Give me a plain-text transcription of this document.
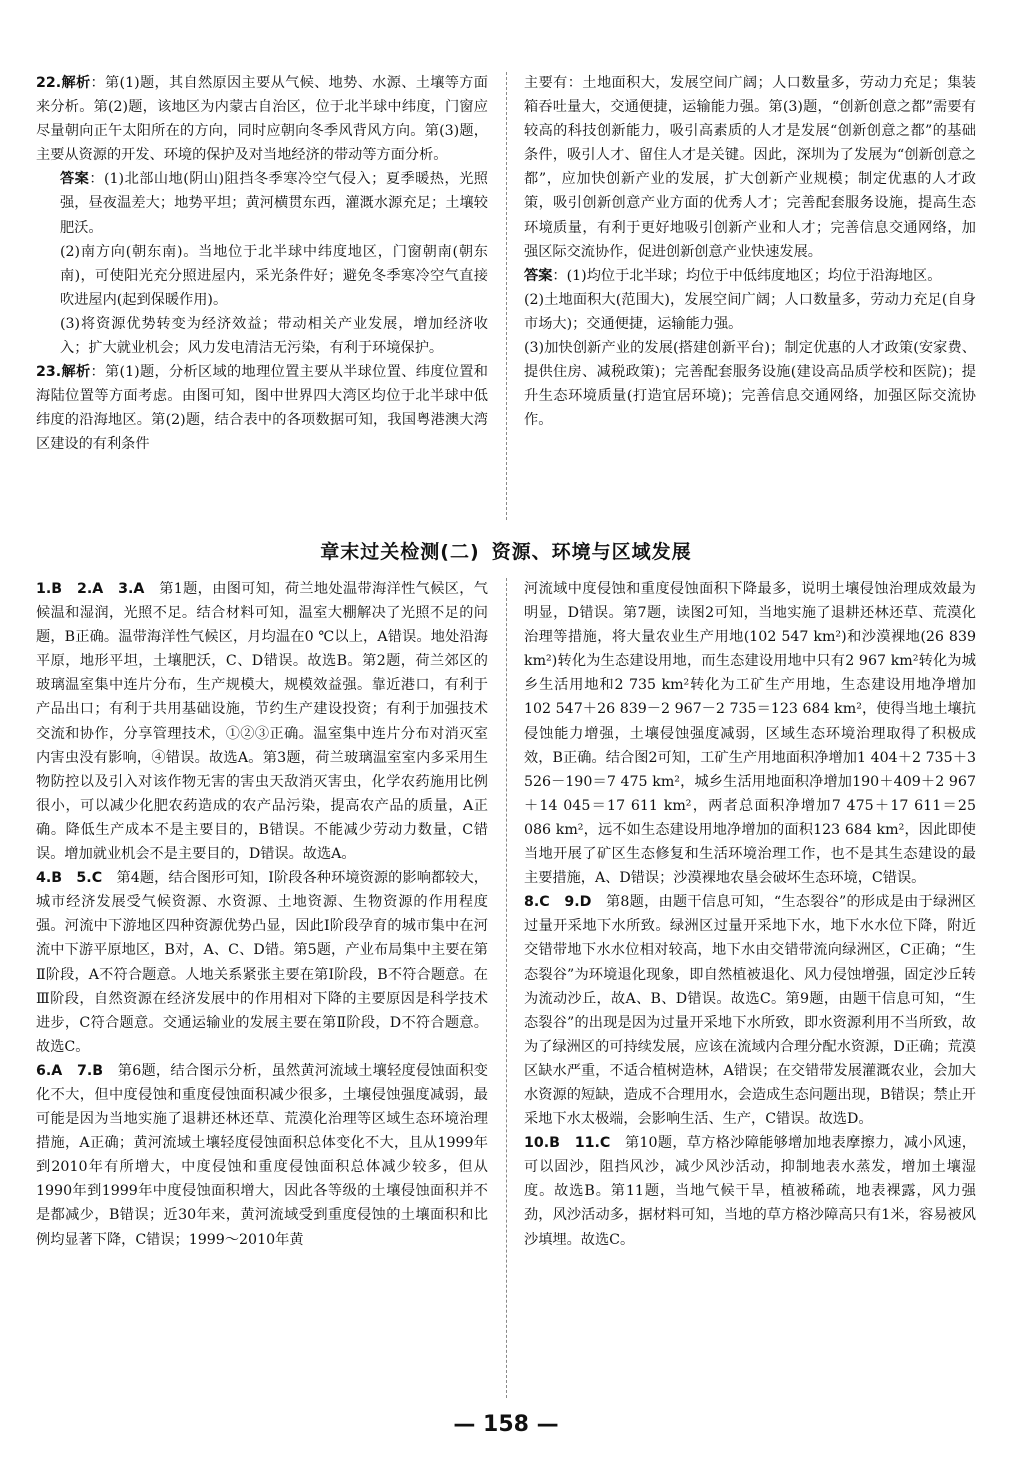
22.解析：第(1)题，其自然原因主要从气候、地势、水源、土壤等方面来分析。第(2)题，该地区为内蒙古自治区，位于北半球中纬度，门窗应尽量朝向正午太阳所在的方向，同时应朝向冬季风背风方向。第(3)题，主要从资源的开发、环境的保护及对当地经济的带动等方面分析。

答案：(1)北部山地(阴山)阻挡冬季寒冷空气侵入；夏季暖热，光照强，昼夜温差大；地势平坦；黄河横贯东西，灌溉水源充足；土壤较肥沃。

(2)南方向(朝东南)。当地位于北半球中纬度地区，门窗朝南(朝东南)，可使阳光充分照进屋内，采光条件好；避免冬季寒冷空气直接吹进屋内(起到保暖作用)。

(3)将资源优势转变为经济效益；带动相关产业发展，增加经济收入；扩大就业机会；风力发电清洁无污染，有利于环境保护。

23.解析：第(1)题，分析区域的地理位置主要从半球位置、纬度位置和海陆位置等方面考虑。由图可知，图中世界四大湾区均位于北半球中低纬度的沿海地区。第(2)题，结合表中的各项数据可知，我国粤港澳大湾区建设的有利条件

主要有：土地面积大，发展空间广阔；人口数量多，劳动力充足；集装箱吞吐量大，交通便捷，运输能力强。第(3)题，“创新创意之都”需要有较高的科技创新能力，吸引高素质的人才是发展“创新创意之都”的基础条件，吸引人才、留住人才是关键。因此，深圳为了发展为“创新创意之都”，应加快创新产业的发展，扩大创新产业规模；制定优惠的人才政策，吸引创新创意产业方面的优秀人才；完善配套服务设施，提高生态环境质量，有利于更好地吸引创新产业和人才；完善信息交通网络，加强区际交流协作，促进创新创意产业快速发展。

答案：(1)均位于北半球；均位于中低纬度地区；均位于沿海地区。

(2)土地面积大(范围大)，发展空间广阔；人口数量多，劳动力充足(自身市场大)；交通便捷，运输能力强。

(3)加快创新产业的发展(搭建创新平台)；制定优惠的人才政策(安家费、提供住房、减税政策)；完善配套服务设施(建设高品质学校和医院)；提升生态环境质量(打造宜居环境)；完善信息交通网络，加强区际交流协作。

章末过关检测(二) 资源、环境与区域发展

1.B　2.A　3.A　 第1题，由图可知，荷兰地处温带海洋性气候区，气候温和湿润，光照不足。结合材料可知，温室大棚解决了光照不足的问题，B正确。温带海洋性气候区，月均温在0 ℃以上，A错误。地处沿海平原，地形平坦，土壤肥沃，C、D错误。故选B。第2题，荷兰郊区的玻璃温室集中连片分布，生产规模大，规模效益强。靠近港口，有利于产品出口；有利于共用基础设施，节约生产建设投资；有利于加强技术交流和协作，分享管理技术，①②③正确。温室集中连片分布对消灭室内害虫没有影响，④错误。故选A。第3题，荷兰玻璃温室室内多采用生物防控以及引入对该作物无害的害虫天敌消灭害虫，化学农药施用比例很小，可以减少化肥农药造成的农产品污染，提高农产品的质量，A正确。降低生产成本不是主要目的，B错误。不能减少劳动力数量，C错误。增加就业机会不是主要目的，D错误。故选A。

4.B　5.C　 第4题，结合图形可知，Ⅰ阶段各种环境资源的影响都较大，城市经济发展受气候资源、水资源、土地资源、生物资源的作用程度强。河流中下游地区四种资源优势凸显，因此Ⅰ阶段孕育的城市集中在河流中下游平原地区，B对，A、C、D错。第5题，产业布局集中主要在第Ⅱ阶段，A不符合题意。人地关系紧张主要在第Ⅰ阶段，B不符合题意。在Ⅲ阶段，自然资源在经济发展中的作用相对下降的主要原因是科学技术进步，C符合题意。交通运输业的发展主要在第Ⅱ阶段，D不符合题意。故选C。

6.A　7.B　 第6题，结合图示分析，虽然黄河流域土壤轻度侵蚀面积变化不大，但中度侵蚀和重度侵蚀面积减少很多，土壤侵蚀强度减弱，最可能是因为当地实施了退耕还林还草、荒漠化治理等区域生态环境治理措施，A正确；黄河流域土壤轻度侵蚀面积总体变化不大，且从1999年到2010年有所增大，中度侵蚀和重度侵蚀面积总体减少较多，但从1990年到1999年中度侵蚀面积增大，因此各等级的土壤侵蚀面积并不是都减少，B错误；近30年来，黄河流域受到重度侵蚀的土壤面积和比例均显著下降，C错误；1999～2010年黄

河流域中度侵蚀和重度侵蚀面积下降最多，说明土壤侵蚀治理成效最为明显，D错误。第7题，读图2可知，当地实施了退耕还林还草、荒漠化治理等措施，将大量农业生产用地(102 547 km²)和沙漠裸地(26 839 km²)转化为生态建设用地，而生态建设用地中只有2 967 km²转化为城乡生活用地和2 735 km²转化为工矿生产用地，生态建设用地净增加102 547＋26 839－2 967－2 735＝123 684 km²，使得当地土壤抗侵蚀能力增强，土壤侵蚀强度减弱，区域生态环境治理取得了积极成效，B正确。结合图2可知，工矿生产用地面积净增加1 404＋2 735＋3 526－190＝7 475 km²，城乡生活用地面积净增加190＋409＋2 967＋14 045＝17 611 km²，两者总面积净增加7 475＋17 611＝25 086 km²，远不如生态建设用地净增加的面积123 684 km²，因此即使当地开展了矿区生态修复和生活环境治理工作，也不是其生态建设的最主要措施，A、D错误；沙漠裸地农垦会破坏生态环境，C错误。

8.C　9.D　 第8题，由题干信息可知，“生态裂谷”的形成是由于绿洲区过量开采地下水所致。绿洲区过量开采地下水，地下水水位下降，附近交错带地下水水位相对较高，地下水由交错带流向绿洲区，C正确；“生态裂谷”为环境退化现象，即自然植被退化、风力侵蚀增强，固定沙丘转为流动沙丘，故A、B、D错误。故选C。第9题，由题干信息可知，“生态裂谷”的出现是因为过量开采地下水所致，即水资源利用不当所致，故为了绿洲区的可持续发展，应该在流域内合理分配水资源，D正确；荒漠区缺水严重，不适合植树造林，A错误；在交错带发展灌溉农业，会加大水资源的短缺，造成不合理用水，会造成生态问题出现，B错误；禁止开采地下水太极端，会影响生活、生产，C错误。故选D。

10.B　11.C　 第10题，草方格沙障能够增加地表摩擦力，减小风速，可以固沙，阻挡风沙，减少风沙活动，抑制地表水蒸发，增加土壤湿度。故选B。第11题，当地气候干旱，植被稀疏，地表裸露，风力强劲，风沙活动多，据材料可知，当地的草方格沙障高只有1米，容易被风沙填埋。故选C。

— 158 —
